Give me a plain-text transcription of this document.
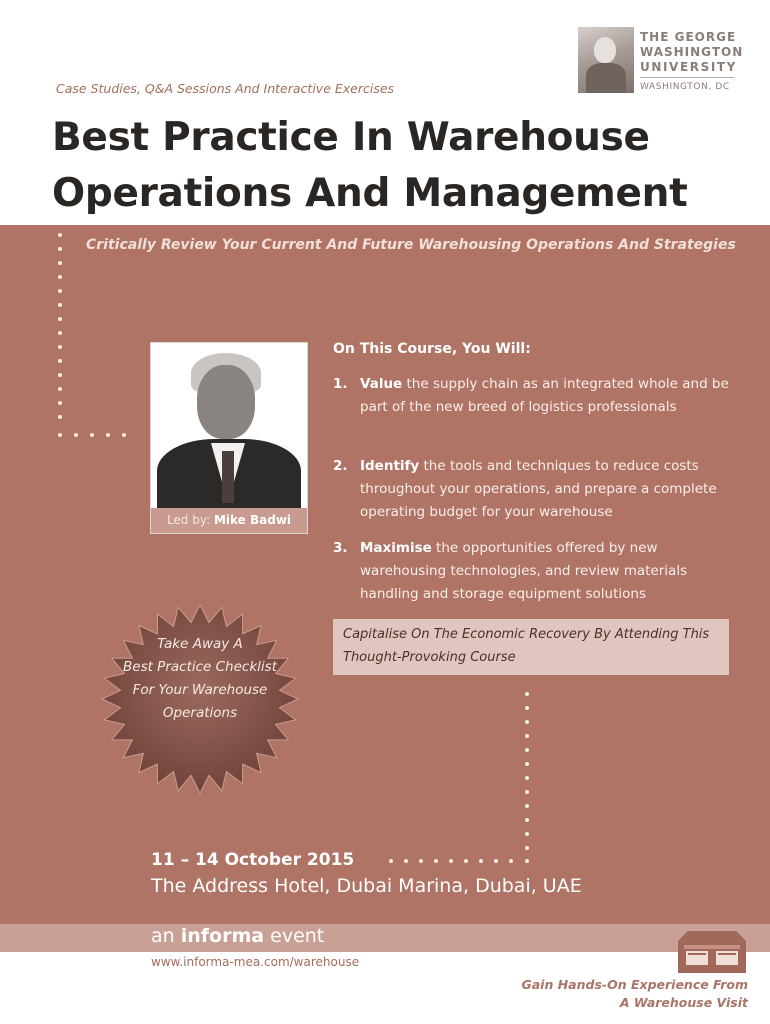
THE GEORGE
WASHINGTON
UNIVERSITY
WASHINGTON, DC
Case Studies, Q&A Sessions And Interactive Exercises
Best Practice In Warehouse
Operations And Management
Critically Review Your Current And Future Warehousing Operations And Strategies
Led by: Mike Badwi
On This Course, You Will:
1. Value the supply chain as an integrated whole and be part of the new breed of logistics professionals
2. Identify the tools and techniques to reduce costs throughout your operations, and prepare a complete operating budget for your warehouse
3. Maximise the opportunities offered by new warehousing technologies, and review materials handling and storage equipment solutions
Capitalise On The Economic Recovery By Attending This Thought-Provoking Course
Take Away A
Best Practice Checklist
For Your Warehouse
Operations
11 – 14 October 2015
The Address Hotel, Dubai Marina, Dubai, UAE
an informa event
www.informa-mea.com/warehouse
Gain Hands-On Experience From
A Warehouse Visit
